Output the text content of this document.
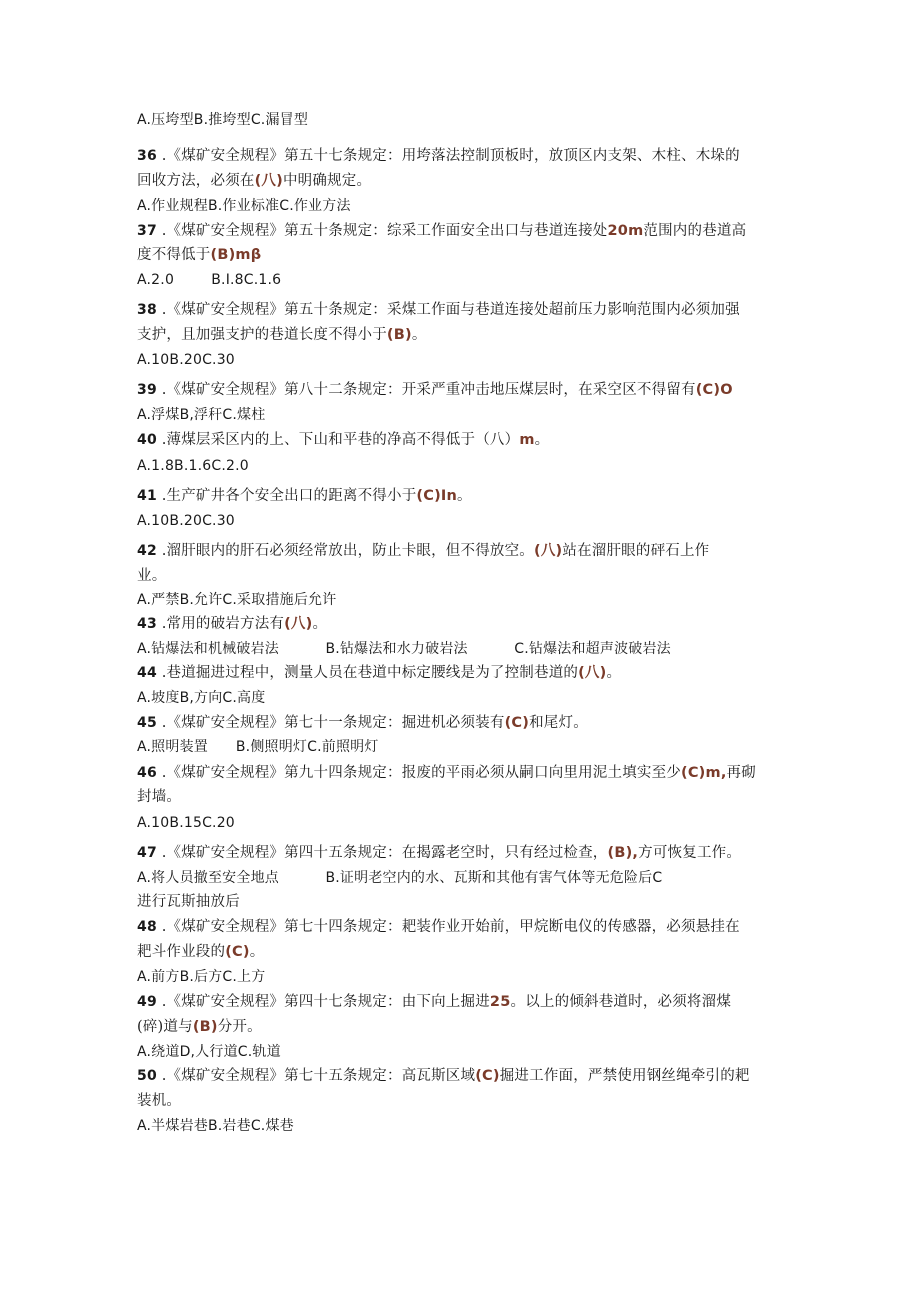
A.压垮型B.推垮型C.漏冒型
36 .《煤矿安全规程》第五十七条规定：用垮落法控制顶板时，放顶区内支架、木柱、木垛的
回收方法，必须在(八)中明确规定。
A.作业规程B.作业标准C.作业方法
37 .《煤矿安全规程》第五十条规定：综采工作面安全出口与巷道连接处20m范围内的巷道高
度不得低于(B)mβ
A.2.0        B.I.8C.1.6
38 .《煤矿安全规程》第五十条规定：采煤工作面与巷道连接处超前压力影响范围内必须加强
支护，且加强支护的巷道长度不得小于(B)。
A.10B.20C.30
39 .《煤矿安全规程》第八十二条规定：开采严重冲击地压煤层时，在采空区不得留有(C)O
A.浮煤B,浮秆C.煤柱
40 .薄煤层采区内的上、下山和平巷的净高不得低于（八）m。
A.1.8B.1.6C.2.0
41 .生产矿井各个安全出口的距离不得小于(C)In。
A.10B.20C.30
42 .溜肝眼内的肝石必须经常放出，防止卡眼，但不得放空。(八)站在溜肝眼的砰石上作
业。
A.严禁B.允许C.采取措施后允许
43 .常用的破岩方法有(八)。
A.钻爆法和机械破岩法          B.钻爆法和水力破岩法          C.钻爆法和超声波破岩法
44 .巷道掘进过程中，测量人员在巷道中标定腰线是为了控制巷道的(八)。
A.坡度B,方向C.高度
45 .《煤矿安全规程》第七十一条规定：掘进机必须装有(C)和尾灯。
A.照明装置      B.侧照明灯C.前照明灯
46 .《煤矿安全规程》第九十四条规定：报废的平雨必须从嗣口向里用泥土填实至少(C)m,再砌
封墙。
A.10B.15C.20
47 .《煤矿安全规程》第四十五条规定：在揭露老空时，只有经过检查，(B),方可恢复工作。
A.将人员撤至安全地点          B.证明老空内的水、瓦斯和其他有害气体等无危险后C
进行瓦斯抽放后
48 .《煤矿安全规程》第七十四条规定：耙装作业开始前，甲烷断电仪的传感器，必须悬挂在
耙斗作业段的(C)。
A.前方B.后方C.上方
49 .《煤矿安全规程》第四十七条规定：由下向上掘进25。以上的倾斜巷道时，必须将溜煤
(碎)道与(B)分开。
A.绕道D,人行道C.轨道
50 .《煤矿安全规程》第七十五条规定：高瓦斯区域(C)掘进工作面，严禁使用钢丝绳牵引的耙
装机。
A.半煤岩巷B.岩巷C.煤巷
